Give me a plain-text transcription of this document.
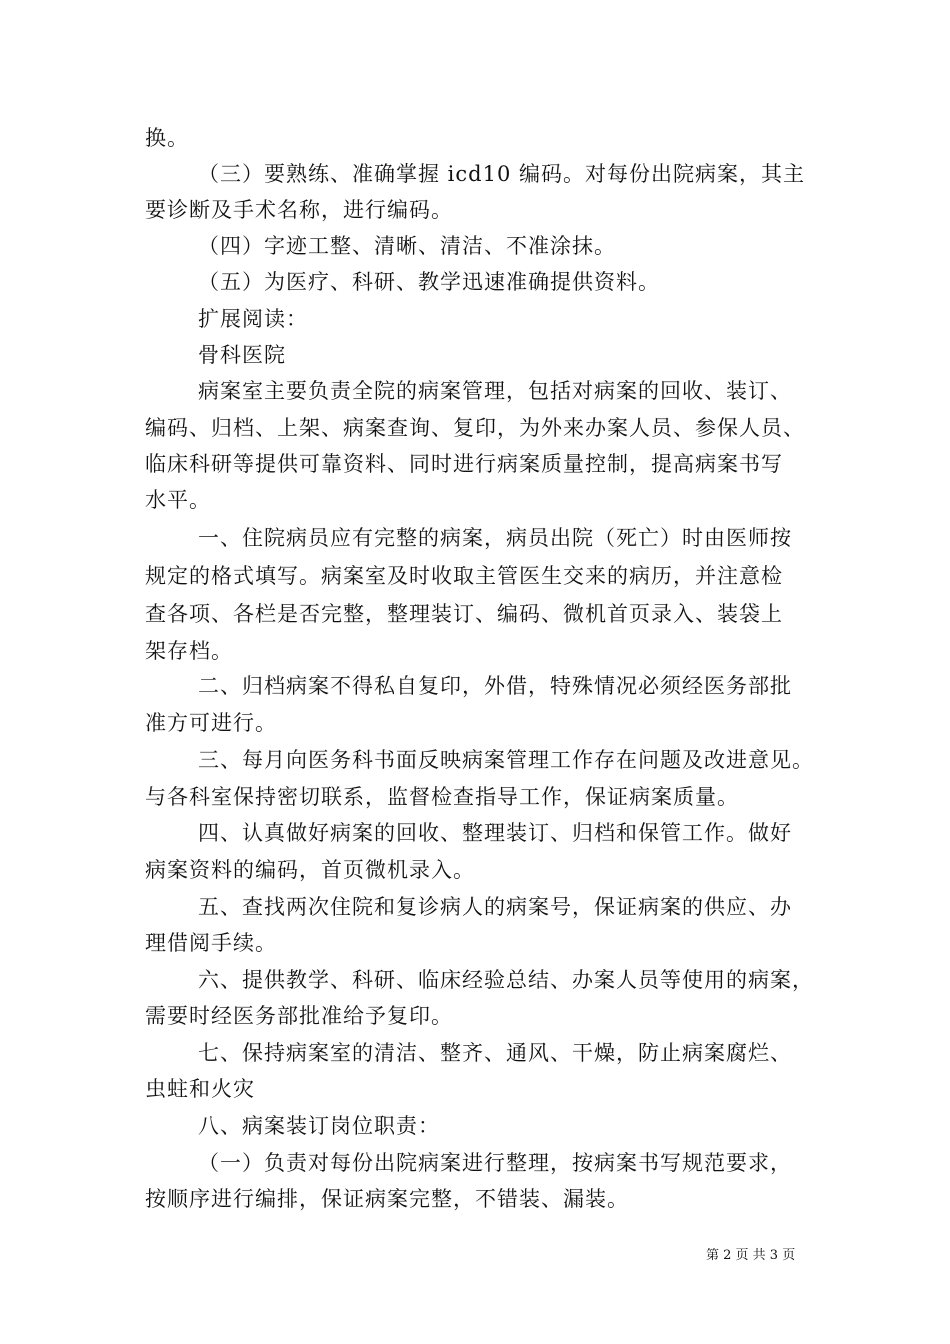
换。
（三）要熟练、准确掌握 icd10 编码。对每份出院病案，其主
要诊断及手术名称，进行编码。
（四）字迹工整、清晰、清洁、不准涂抹。
（五）为医疗、科研、教学迅速准确提供资料。
扩展阅读：
骨科医院
病案室主要负责全院的病案管理，包括对病案的回收、装订、
编码、归档、上架、病案查询、复印，为外来办案人员、参保人员、
临床科研等提供可靠资料、同时进行病案质量控制，提高病案书写
水平。
一、住院病员应有完整的病案，病员出院（死亡）时由医师按
规定的格式填写。病案室及时收取主管医生交来的病历，并注意检
查各项、各栏是否完整，整理装订、编码、微机首页录入、装袋上
架存档。
二、归档病案不得私自复印，外借，特殊情况必须经医务部批
准方可进行。
三、每月向医务科书面反映病案管理工作存在问题及改进意见。
与各科室保持密切联系，监督检查指导工作，保证病案质量。
四、认真做好病案的回收、整理装订、归档和保管工作。做好
病案资料的编码，首页微机录入。
五、查找两次住院和复诊病人的病案号，保证病案的供应、办
理借阅手续。
六、提供教学、科研、临床经验总结、办案人员等使用的病案，
需要时经医务部批准给予复印。
七、保持病案室的清洁、整齐、通风、干燥，防止病案腐烂、
虫蛀和火灾
八、病案装订岗位职责：
（一）负责对每份出院病案进行整理，按病案书写规范要求，
按顺序进行编排，保证病案完整，不错装、漏装。
第 2 页 共 3 页
